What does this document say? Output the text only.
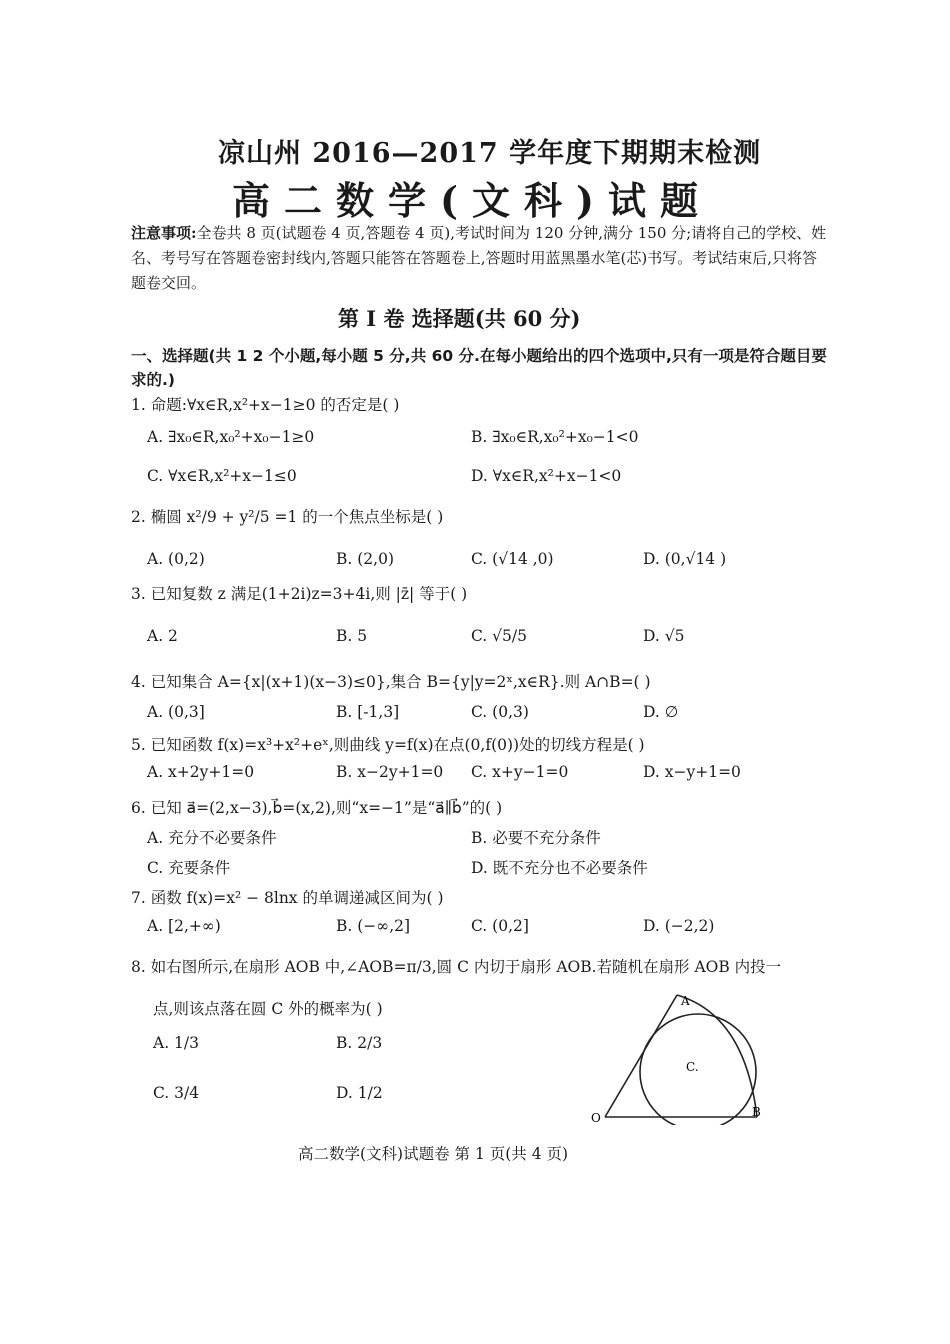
凉山州 2016—2017 学年度下期期末检测
高二数学(文科)试题
注意事项:全卷共 8 页(试题卷 4 页,答题卷 4 页),考试时间为 120 分钟,满分 150 分;请将自己的学校、姓名、考号写在答题卷密封线内,答题只能答在答题卷上,答题时用蓝黑墨水笔(芯)书写。考试结束后,只将答题卷交回。
第 I 卷 选择题(共 60 分)
一、选择题(共 1 2 个小题,每小题 5 分,共 60 分.在每小题给出的四个选项中,只有一项是符合题目要求的.)
1. 命题:∀x∈R,x²+x−1≥0 的否定是( )
A. ∃x₀∈R,x₀²+x₀−1≥0	B. ∃x₀∈R,x₀²+x₀−1<0
C. ∀x∈R,x²+x−1≤0	D. ∀x∈R,x²+x−1<0
2. 椭圆 x²/9 + y²/5 =1 的一个焦点坐标是( )
A. (0,2)	B. (2,0)	C. (√14 ,0)	D. (0,√14 )
3. 已知复数 z 满足(1+2i)z=3+4i,则 |z̄| 等于( )
A. 2	B. 5	C. √5/5	D. √5
4. 已知集合 A={x|(x+1)(x−3)≤0},集合 B={y|y=2ˣ,x∈R}.则 A∩B=( )
A. (0,3]	B. [-1,3]	C. (0,3)	D. ∅
5. 已知函数 f(x)=x³+x²+eˣ,则曲线 y=f(x)在点(0,f(0))处的切线方程是( )
A. x+2y+1=0	B. x−2y+1=0 C. x+y−1=0	D. x−y+1=0
6. 已知 a⃗=(2,x−3),b⃗=(x,2),则“x=−1”是“a⃗∥b⃗”的( )
A. 充分不必要条件	B. 必要不充分条件
C. 充要条件	D. 既不充分也不必要条件
7. 函数 f(x)=x² − 8lnx 的单调递减区间为( )
A. [2,+∞)	B. (−∞,2]	C. (0,2]	D. (−2,2)
8. 如右图所示,在扇形 AOB 中,∠AOB=π/3,圆 C 内切于扇形 AOB.若随机在扇形 AOB 内投一
点,则该点落在圆 C 外的概率为( )
A. 1/3	B. 2/3
C. 3/4	D. 1/2
A
B
O
C.
高二数学(文科)试题卷 第 1 页(共 4 页)
